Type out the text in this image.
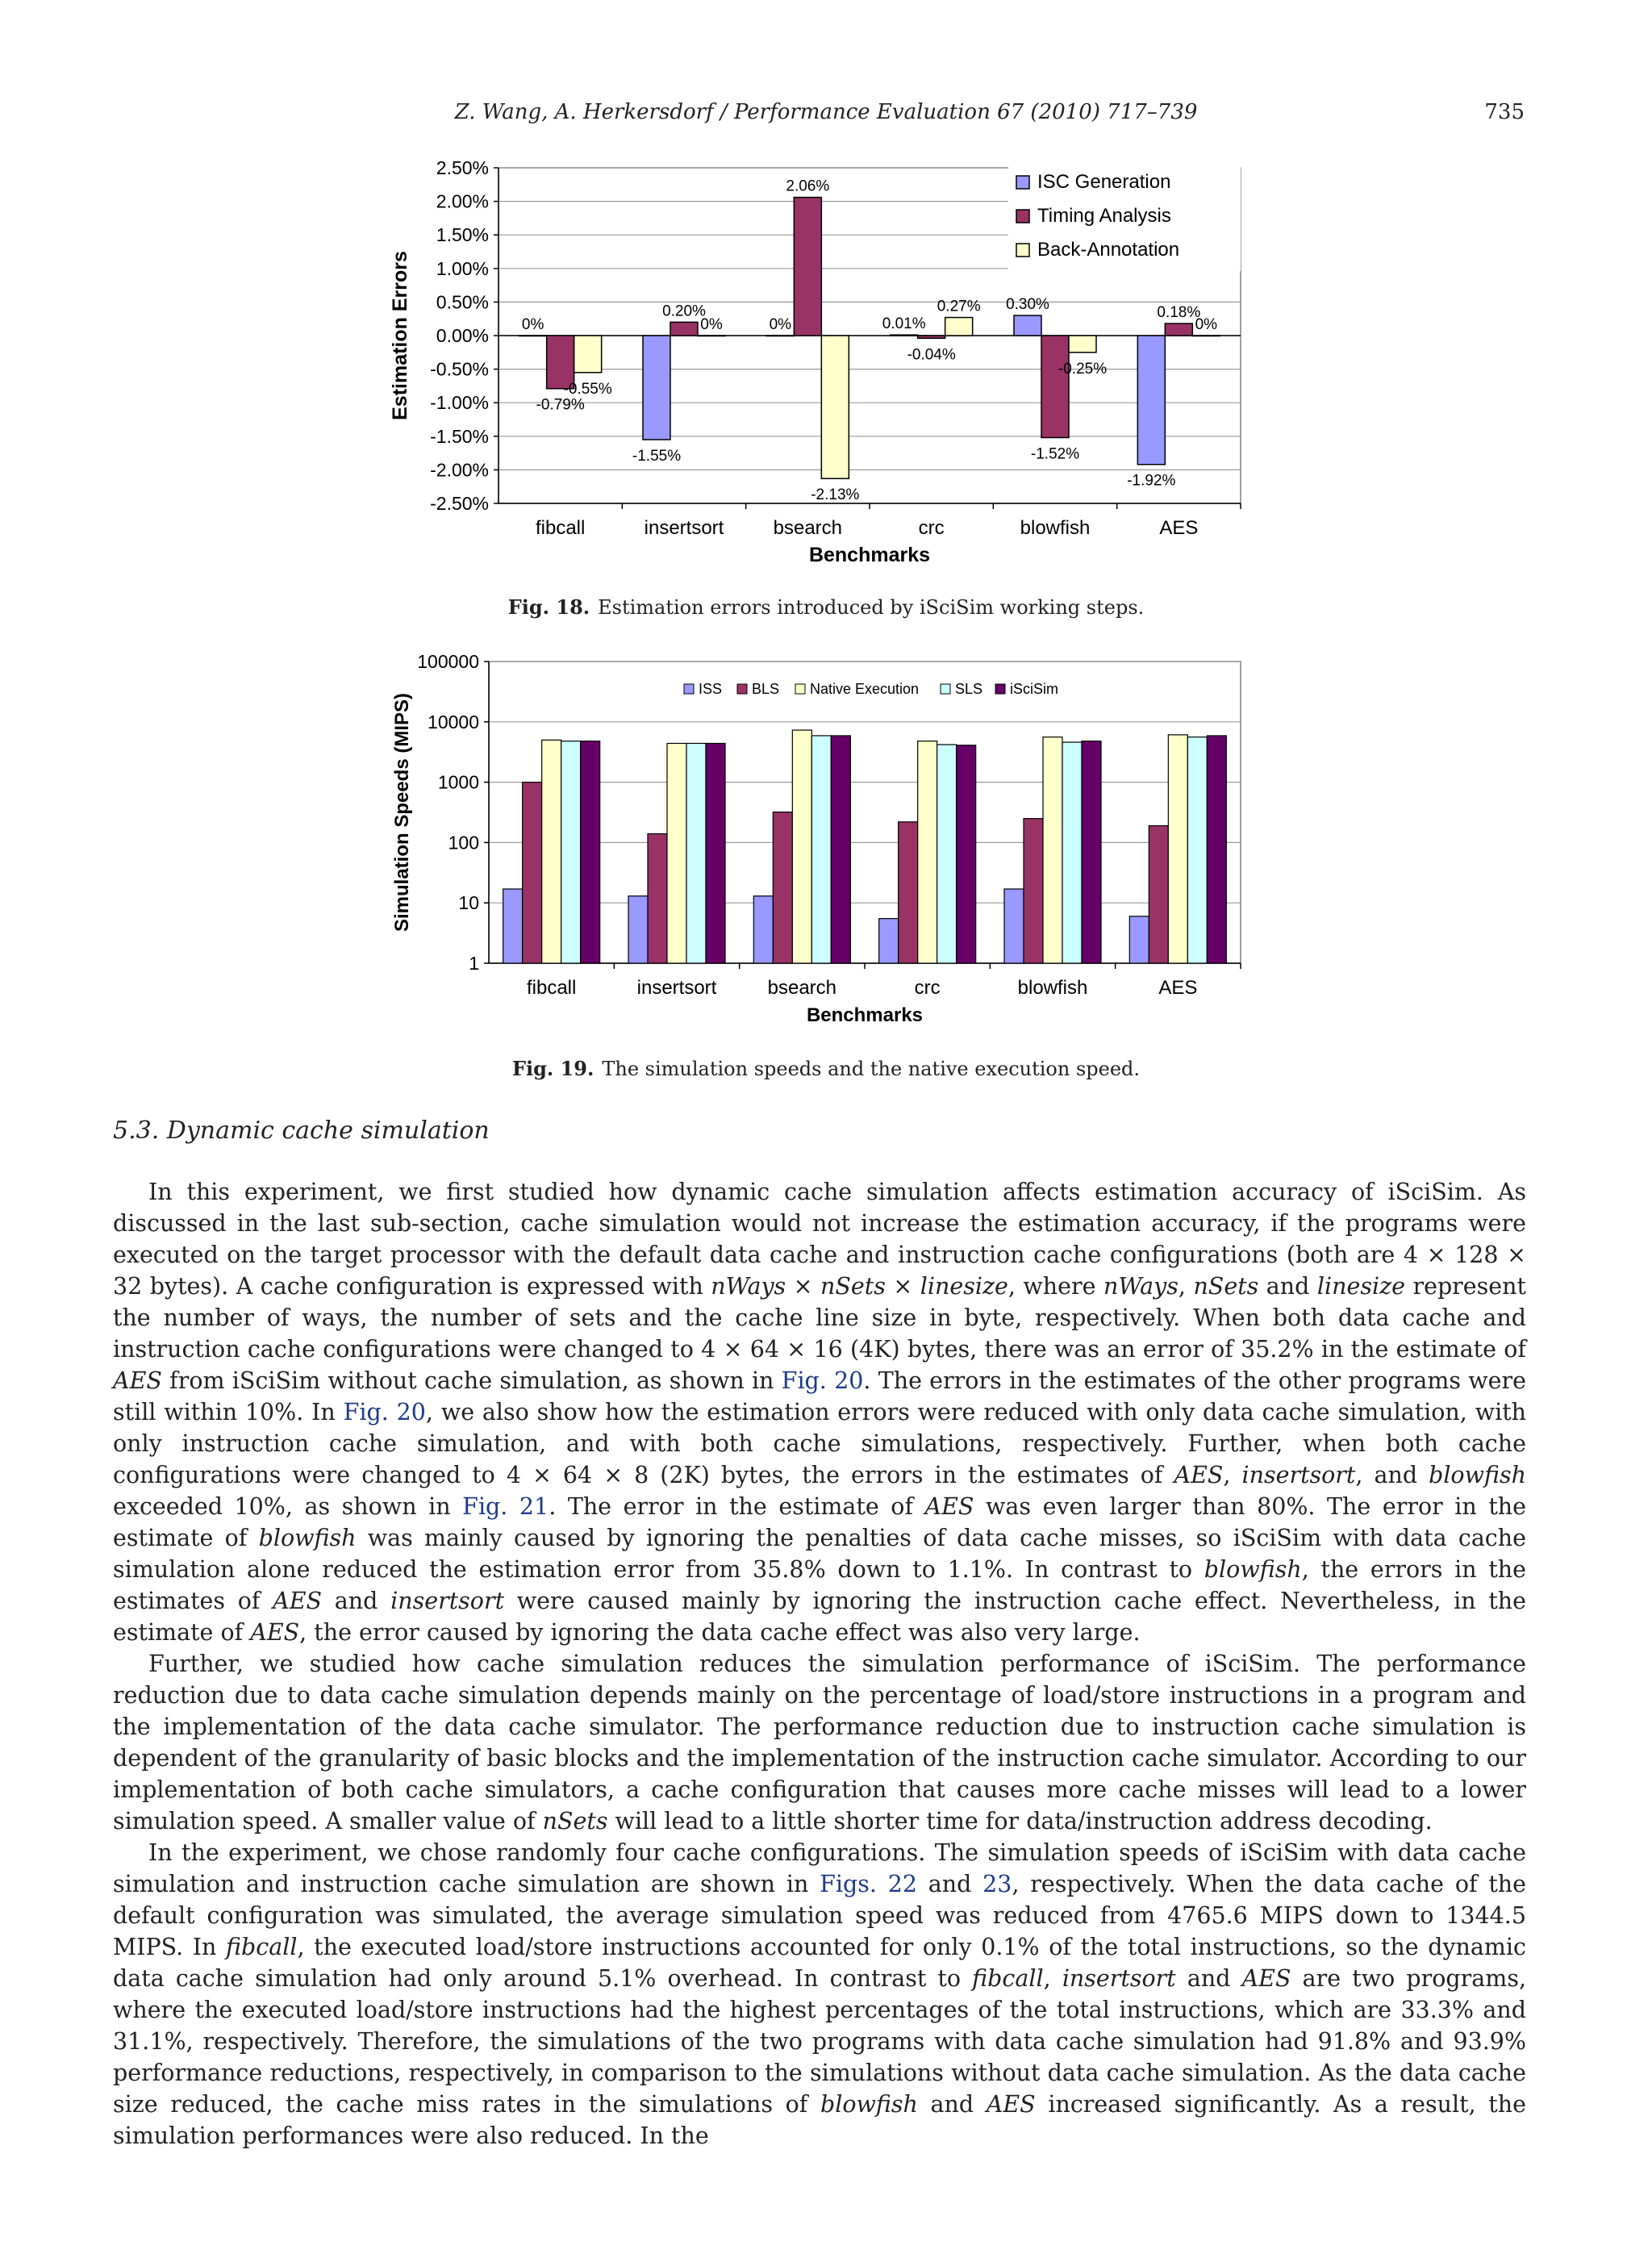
Z. Wang, A. Herkersdorf / Performance Evaluation 67 (2010) 717–739	735
2.50%
2.00%
1.50%
1.00%
0.50%
0.00%
-0.50%
-1.00%
-1.50%
-2.00%
-2.50%
fibcall
0%
-0.79%
-0.55%
insertsort
-1.55%
0.20%
0%
bsearch
0%
2.06%
-2.13%
crc
0.01%
-0.04%
0.27%
blowfish
0.30%
-1.52%
-0.25%
AES
-1.92%
0.18%
0%
Benchmarks
Estimation Errors
ISC Generation
Timing Analysis
Back-Annotation
Fig. 18. Estimation errors introduced by iSciSim working steps.
100000
10000
1000
100
10
1
fibcall	insertsort	bsearch	crc	blowfish	AES
Benchmarks
Simulation Speeds (MIPS)
ISS BLS Native Execution SLS iSciSim
Fig. 19. The simulation speeds and the native execution speed.
5.3. Dynamic cache simulation

In this experiment, we first studied how dynamic cache simulation affects estimation accuracy of iSciSim. As discussed in the last sub-section, cache simulation would not increase the estimation accuracy, if the programs were executed on the target processor with the default data cache and instruction cache configurations (both are 4 × 128 × 32 bytes). A cache configuration is expressed with nWays × nSets × linesize, where nWays, nSets and linesize represent the number of ways, the number of sets and the cache line size in byte, respectively. When both data cache and instruction cache configurations were changed to 4 × 64 × 16 (4K) bytes, there was an error of 35.2% in the estimate of AES from iSciSim without cache simulation, as shown in Fig. 20. The errors in the estimates of the other programs were still within 10%. In Fig. 20, we also show how the estimation errors were reduced with only data cache simulation, with only instruction cache simulation, and with both cache simulations, respectively. Further, when both cache configurations were changed to 4 × 64 × 8 (2K) bytes, the errors in the estimates of AES, insertsort, and blowfish exceeded 10%, as shown in Fig. 21. The error in the estimate of AES was even larger than 80%. The error in the estimate of blowfish was mainly caused by ignoring the penalties of data cache misses, so iSciSim with data cache simulation alone reduced the estimation error from 35.8% down to 1.1%. In contrast to blowfish, the errors in the estimates of AES and insertsort were caused mainly by ignoring the instruction cache effect. Nevertheless, in the estimate of AES, the error caused by ignoring the data cache effect was also very large.

Further, we studied how cache simulation reduces the simulation performance of iSciSim. The performance reduction due to data cache simulation depends mainly on the percentage of load/store instructions in a program and the implementation of the data cache simulator. The performance reduction due to instruction cache simulation is dependent of the granularity of basic blocks and the implementation of the instruction cache simulator. According to our implementation of both cache simulators, a cache configuration that causes more cache misses will lead to a lower simulation speed. A smaller value of nSets will lead to a little shorter time for data/instruction address decoding.

In the experiment, we chose randomly four cache configurations. The simulation speeds of iSciSim with data cache simulation and instruction cache simulation are shown in Figs. 22 and 23, respectively. When the data cache of the default configuration was simulated, the average simulation speed was reduced from 4765.6 MIPS down to 1344.5 MIPS. In fibcall, the executed load/store instructions accounted for only 0.1% of the total instructions, so the dynamic data cache simulation had only around 5.1% overhead. In contrast to fibcall, insertsort and AES are two programs, where the executed load/store instructions had the highest percentages of the total instructions, which are 33.3% and 31.1%, respectively. Therefore, the simulations of the two programs with data cache simulation had 91.8% and 93.9% performance reductions, respectively, in comparison to the simulations without data cache simulation. As the data cache size reduced, the cache miss rates in the simulations of blowfish and AES increased significantly. As a result, the simulation performances were also reduced. In the
